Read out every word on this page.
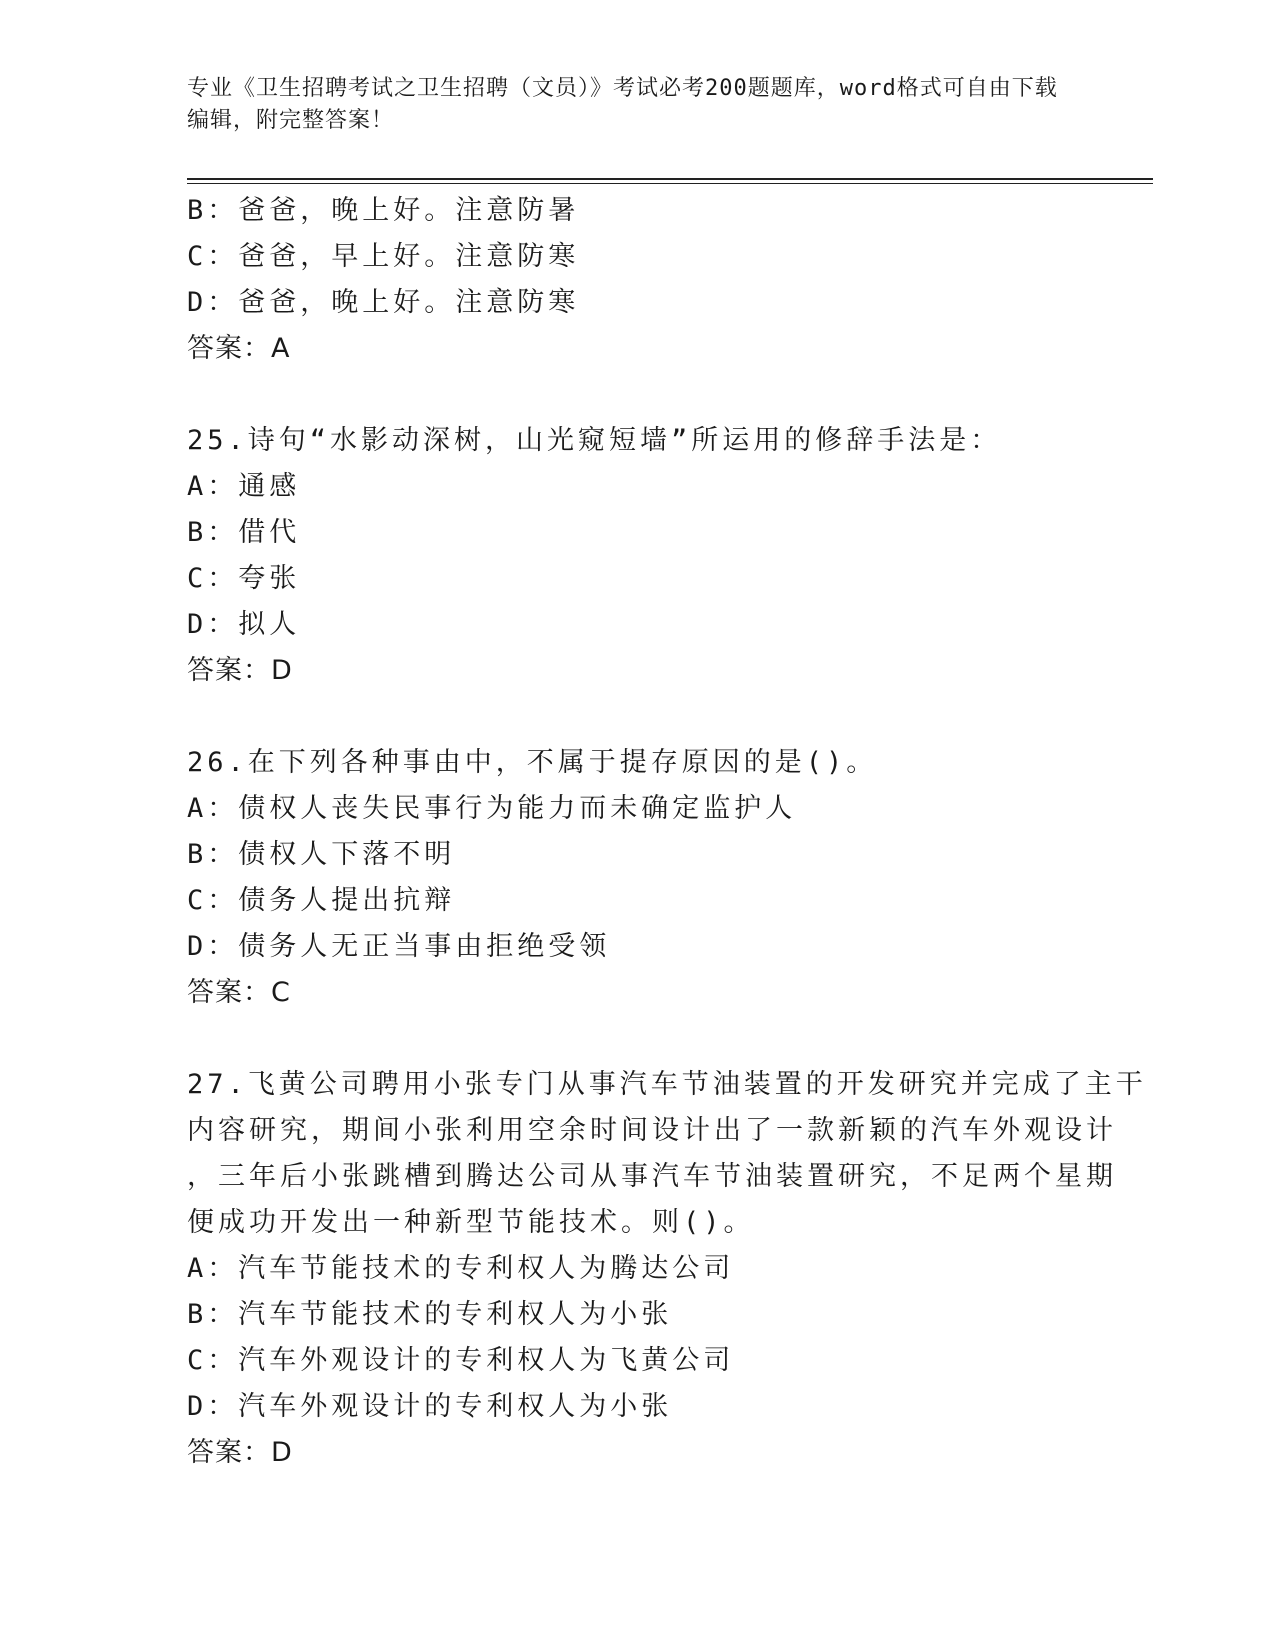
专业《卫生招聘考试之卫生招聘（文员）》考试必考200题题库，word格式可自由下载编辑，附完整答案！
B：爸爸，晚上好。注意防暑
C：爸爸，早上好。注意防寒
D：爸爸，晚上好。注意防寒
答案：A
25.诗句“水影动深树，山光窥短墙”所运用的修辞手法是：
A：通感
B：借代
C：夸张
D：拟人
答案：D
26.在下列各种事由中，不属于提存原因的是()。
A：债权人丧失民事行为能力而未确定监护人
B：债权人下落不明
C：债务人提出抗辩
D：债务人无正当事由拒绝受领
答案：C
27.飞黄公司聘用小张专门从事汽车节油装置的开发研究并完成了主干
内容研究，期间小张利用空余时间设计出了一款新颖的汽车外观设计
，三年后小张跳槽到腾达公司从事汽车节油装置研究，不足两个星期
便成功开发出一种新型节能技术。则()。
A：汽车节能技术的专利权人为腾达公司
B：汽车节能技术的专利权人为小张
C：汽车外观设计的专利权人为飞黄公司
D：汽车外观设计的专利权人为小张
答案：D
